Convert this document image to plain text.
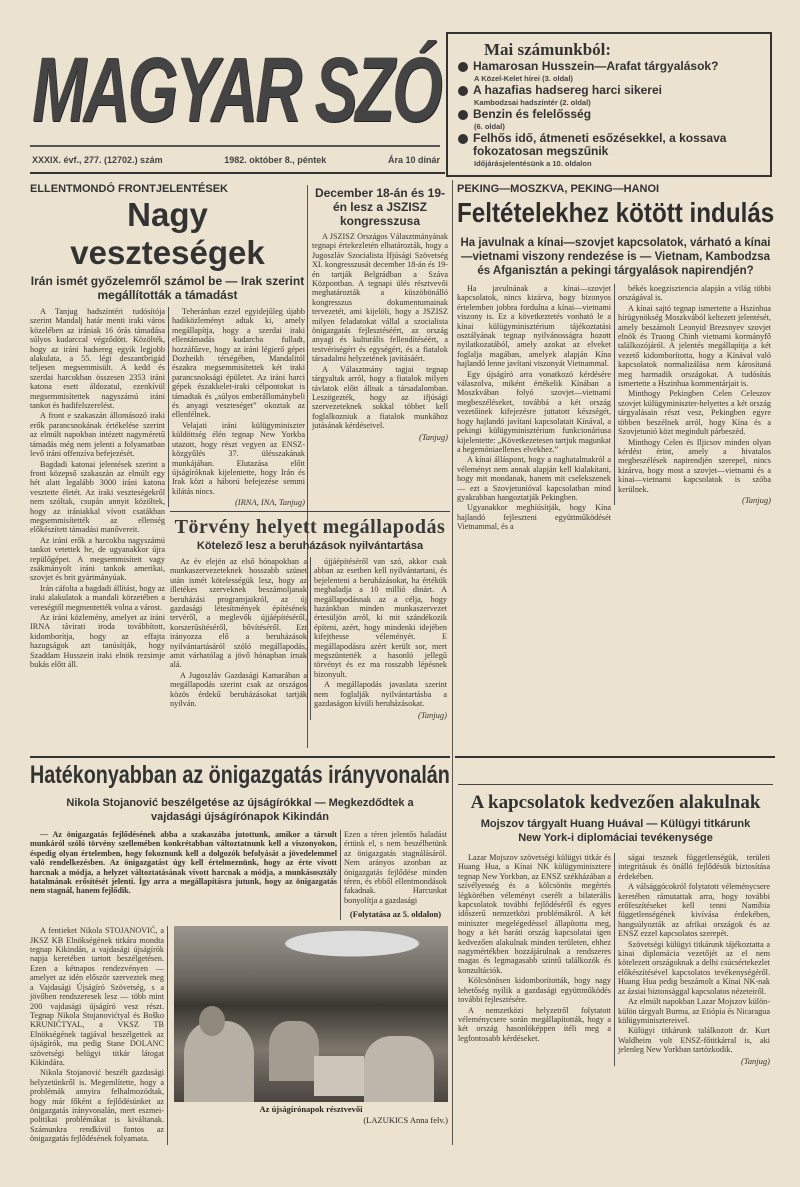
MAGYAR SZÓ
XXXIX. évf., 277. (12702.) szám	1982. október 8., péntek	Ára 10 dinár
Mai számunkból:
Hamarosan Husszein—Arafat tárgyalások?
A Közel-Kelet hírei (3. oldal)
A hazafias hadsereg harci sikerei
Kambodzsai hadszíntér (2. oldal)
Benzin és felelősség
(6. oldal)
Felhős idő, átmeneti esőzésekkel, a kossava fokozatosan megszűnik
Időjárásjelentésünk a 10. oldalon
ELLENTMONDÓ FRONTJELENTÉSEK
Nagy veszteségek
Irán ismét győzelemről számol be — Irak szerint megállították a támadást

A Tanjug hadszíntéri tudósítója szerint Mandalj határ menti iraki város közelében az irániak 16 órás támadása súlyos kudarccal végződött. Közölték, hogy az iráni hadsereg egyik legjobb alakulata, a 55. légi deszantbrigád teljesen megsemmisült. A kedd és szerdai harcokban összesen 2353 iráni katona esett áldozatul, ezenkívül megsemmisítettek nagyszámú iráni tankot és hadifelszerelést.

A front e szakaszán állomásozó iraki erők parancsnokának értékelése szerint az elmúlt napokban intézett nagyméretű támadás még nem jelenti a folyamatban levő iráni offenzíva befejezését.

Bagdadi katonai jelentések szerint a front közepső szakaszán az elmúlt egy hét alatt legalább 3000 iráni katona vesztette életét. Az iraki veszteségekről nem szóltak, csupán annyit közöltek, hogy az irániakkal vívott csatákban megsemmisítették az ellenség előkészített támadási manővereit.

Az iráni erők a harcokba nagyszámú tankot vetettek be, de ugyanakkor újra repülőgépet. A megsemmisített vagy zsákmányolt iráni tankok amerikai, szovjet és brit gyártmányúak.

Irán cáfolta a bagdadi állítást, hogy az iraki alakulatok a mandali körzetében a vereségtől megmentették volna a várost.

Az iráni közlemény, amelyet az iráni IRNA távirati iroda továbbított, kidomborítja, hogy az effajta hazugságok azt tanúsítják, hogy Szaddam Husszein iraki elnök rezsimje bukás előtt áll.

Teheránban ezzel egyidejűleg újabb hadiközleményt adtak ki, amely megállapítja, hogy a szerdai iraki ellentámadás kudarcba fulladt, hozzáfűzve, hogy az iráni légierő gépei Dozheikh térségében, Mandalitól északra megsemmisítettek két iraki parancsnoksági épületet. Az iráni harci gépek északkelet-iraki célpontokat is támadtak és „súlyos emberállománybeli és anyagi veszteséget” okoztak az ellenfélnek.

Velajati iráni külügyminiszter küldöttség élén tegnap New Yorkba utazott, hogy részt vegyen az ENSZ-közgyűlés 37. ülésszakának munkájában. Elutazása előtt újságíróknak kijelentette, hogy Irán és Irak közt a háború befejezése semmi kilátás nincs.

(IRNA, INA, Tanjug)
December 18-án és 19-én lesz a JSZISZ kongresszusa

A JSZISZ Országos Választmányának tegnapi értekezletén elhatározták, hogy a Jugoszláv Szocialista Ifjúsági Szövetség XI. kongresszusát december 18-án és 19-én tartják Belgrádban a Száva Központban. A tegnapi ülés résztvevői meghatározták a küszöbönálló kongresszus dokumentumainak tervezetét, ami kijelöli, hogy a JSZISZ milyen feladatokat vállal a szocialista önigazgatás fejlesztéséért, az ország anyagi és kulturális fellendítéséért, a testvériségért és egységért, és a fiatalok társadalmi helyzetének javításáért.

A Választmány tagjai tegnap tárgyaltak arról, hogy a fiatalok milyen távlatok előtt állnak a társadalomban. Leszögezték, hogy az ifjúsági szervezeteknek sokkal többet kell foglalkozniuk a fiatalok munkához jutásának kérdéseivel.

(Tanjug)
Törvény helyett megállapodás
Kötelező lesz a beruházások nyilvántartása

Az év elején az első hónapokban a munkaszervezeteknek hosszabb szünet után ismét kötelességük lesz, hogy az illetékes szerveknek beszámoljanak beruházási programjaikról, az új gazdasági létesítmények építésének tervéről, a meglevők újjáépítéséről, korszerűsítéséről, bővítéséről. Ezt irányozza elő a beruházások nyilvántartásáról szóló megállapodás, amit várhatólag a jövő hónapban írnak alá.

A Jugoszláv Gazdasági Kamarában a megállapodás szerint csak az országos közös érdekű beruházásokat tartják nyilván.

újjáépítéséről van szó, akkor csak abban az esetben kell nyilvántartani, és bejelenteni a beruházásokat, ha értékük meghaladja a 10 millió dinárt. A megállapodásnak az a célja, hogy hazánkban minden munkaszervezet értesüljön arról, ki mit szándékozik építeni, azért, hogy mindenki idejében kifejthesse véleményét. E megállapodásra azért került sor, mert megszüntették a hasonló jellegű törvényt és ez ma rosszabb lépésnek bizonyult.

A megállapodás javaslata szerint nem foglalják nyilvántartásba a gazdaságon kívüli beruházásokat.

(Tanjug)
PEKING—MOSZKVA, PEKING—HANOI
Feltételekhez kötött indulás
Ha javulnak a kínai—szovjet kapcsolatok, várható a kínai—vietnami viszony rendezése is — Vietnam, Kambodzsa és Afganisztán a pekingi tárgyalások napirendjén?

Ha javulnának a kínai—szovjet kapcsolatok, nincs kizárva, hogy bizonyos értelemben jobbra fordulna a kínai—vietnami viszony is. Ez a következtetés vonható le a kínai külügyminisztérium tájékoztatási osztályának tegnap nyilvánosságra hozott nyilatkozatából, amely azokat az elveket foglalja magában, amelyek alapján Kína hajlandó lenne javítani viszonyát Vietnammal.

Egy újságíró arra vonatkozó kérdésére válaszolva, miként értékelik Kínában a Moszkvában folyó szovjet—vietnami megbeszéléseket, továbbá a két ország vezetőinek kifejezésre juttatott készségét, hogy hajlandó javítani kapcsolatait Kínával, a pekingi külügyminisztérium funkcionáriusa kijelentette: „Következetesen tartjuk magunkat a hegemóniaellenes elvekhez.”

A kínai álláspont, hogy a naghatalmakról a véleményt nem annak alapján kell kialakítani, hogy mit mondanak, hanem mit cselekszenek — ezt a Szovjetunióval kapcsolatban mind gyakrabban hangoztatják Pekingben.

Ugyanakkor meghíúsítják, hogy Kína hajlandó fejleszteni együttműködését Vietnammal, és a

békés koegzisztencia alapján a világ többi országával is.

A kínai sajtó tegnap ismertette a Hszinhua hírügynökség Moszkvából keltezett jelentését, amely beszámolt Leonyid Brezsnyev szovjet elnök és Truong Chinh vietnami kormányfő találkozójáról. A jelentés megállapítja a két vezető kidomborította, hogy a Kínával való kapcsolatok normalizálása nem károsítaná meg harmadik országokat. A tudósítás ismertette a Hszinhua kommentárjait is.

Minthogy Pekingben Celen Celeszov szovjet külügyminiszter-helyettes a két ország tárgyalásain részt vesz, Pekingben egyre többen beszélnek arról, hogy Kína és a Szovjetunió közt megindult párbeszéd.

Minthogy Celen és Iljicsov minden olyan kérdést érint, amely a hivatalos megbeszélések napirendjén szerepel, nincs kizárva, hogy most a szovjet—vietnami és a kínai—vietnami kapcsolatok is szóba kerülnek.

(Tanjug)
Hatékonyabban az önigazgatás irányvonalán
Nikola Stojanović beszélgetése az újságírókkal — Megkezdődtek a vajdasági újságírónapok Kikindán
— Az önigazgatás fejlődésének abba a szakaszába jutottunk, amikor a társult munkáról szóló törvény szellemében konkrétabban változtatnunk kell a viszonyokon, éspedig olyan értelemben, hogy fokoznunk kell a dolgozók befolyását a jövedelemmel való rendelkezésben. Az önigazgatást úgy kell értelmeznünk, hogy az érte vívott harcnak a módja, a helyzet változtatásának vívott harcnak a módja, a munkásosztály hatalmának erősítését jelenti. Így arra a megállapításra jutunk, hogy az önigazgatás nem stagnál, hanem fejlődik.
Ezen a téren jelentős haladást értünk el, s nem beszélhetünk az önigazgatás stagnálásáról. Nem arányos azonban az önigazgatás fejlődése minden téren, és ebből ellentmondások fakadnak. Harcunkat bonyolítja a gazdasági
(Folytatása az 5. oldalon)

A fentieket Nikola STOJANOVIĆ, a JKSZ KB Elnökségének titkára mondta tegnap Kikindán, a vajdasági újságírók napja keretében tartott beszélgetésen. Ezen a kétnapos rendezvényen — amelyet az idén először szerveztek meg a Vajdasági Újságíró Szövetség, s a jövőben rendszeresek lesz — több mint 200 vajdasági újságíró vesz részt. Tegnap Nikola Stojanovićtyal és Boško KRUNIĆTYAL, a VKSZ TB Elnökségének tagjával beszélgettek az újságírók, ma pedig Stane DOLANC szövetségi belügyi titkár látogat Kikindára.

Nikola Stojanović beszélt gazdasági helyzetünkről is. Megemlítette, hogy a problémák annyira felhalmozódtak, hogy már főként a fejlődésünket az önigazgatás irányvonalán, mert eszmei-politikai problémákat is kiváltanak. Számunkra rendkívül fontos az önigazgatás fejlődésének folyamata.

Az újságírónapok résztvevői
(LAZUKICS Anna felv.)
A kapcsolatok kedvezően alakulnak
Mojszov tárgyalt Huang Huával — Külügyi titkárunk New York-i diplomáciai tevékenysége

Lazar Mojszov szövetségi külügyi titkár és Huang Hua, a Kínai NK külügyminisztere tegnap New Yorkban, az ENSZ székházában a szívélyesség és a kölcsönös megértés légkörében véleményt cserélt a bilaterális kapcsolatok további fejlődéséről és egyes időszerű nemzetközi problémákról. A két miniszter megelégedéssel állapította meg, hogy a két baráti ország kapcsolatai igen kedvezően alakulnak minden területen, ehhez nagymértékben hozzájárulnak a rendszeres magas és legmagasabb szintű találkozók és konzultációk.

Kölcsönösen kidomborították, hogy nagy lehetőség nyílik a gazdasági együttműködés további fejlesztésére.

A nemzetközi helyzetről folytatott véleménycsere során megállapították, hogy a két ország hasonlóképpen ítéli meg a legfontosabb kérdéseket.

ságai tesznek függetlenségük, területi integritásuk és önálló fejlődésük biztosítása érdekében.

A válsággócokról folytatott véleménycsere keretében rámutattak arra, hogy további erőfeszítéseket kell tenni Namíbia függetlenségének kivívása érdekében, hangsúlyozták az afrikai országok és az ENSZ ezzel kapcsolatos szerepét.

Szövetségi külügyi titkárunk tájékoztatta a kínai diplomácia vezetőjét az el nem kötelezett országoknak a delhi csúcsértekezlet előkészítésével kapcsolatos tevékenységéről. Huang Hua pedig beszámolt a Kínai NK-nak az ázsiai biztonsággal kapcsolatos nézeteiről.

Az elmúlt napokban Lazar Mojszov külön-külön tárgyalt Burma, az Etiópia és Nicaragua külügyminisztereivel.

Külügyi titkárunk találkozott dr. Kurt Waldheim volt ENSZ-főtitkárral is, aki jelenleg New Yorkban tartózkodik.

(Tanjug)
